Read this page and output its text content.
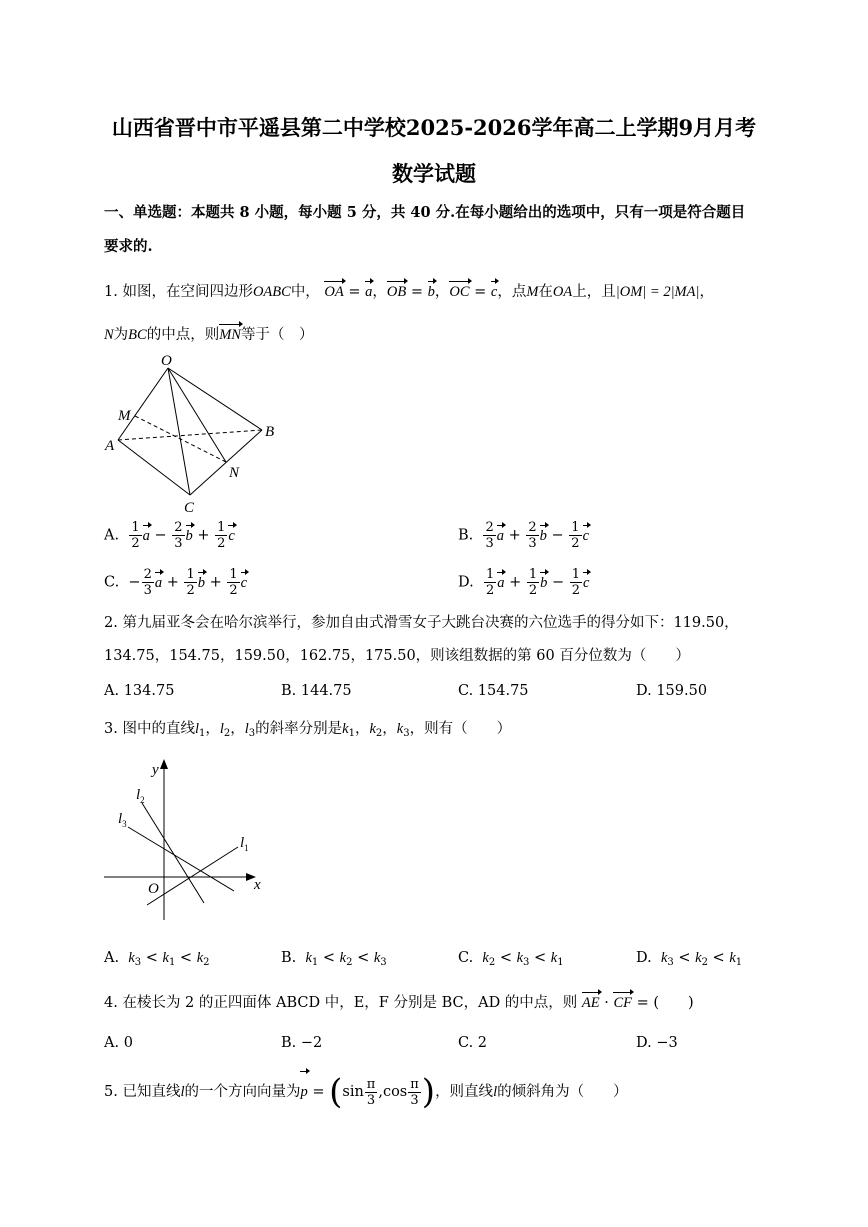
山西省晋中市平遥县第二中学校2025-2026学年高二上学期9月月考
数学试题
一、单选题：本题共 8 小题，每小题 5 分，共 40 分.在每小题给出的选项中，只有一项是符合题目
要求的.
1. 如图，在空间四边形OABC中， OA = a，OB = b，OC = c，点M在OA上，且|OM| = 2|MA|，
N为BC的中点，则MN等于（　）
O
A
B
C
M
N
A. $\frac{1}{2}$ $a - \frac{2}{3}$ $b + \frac{1}{2}$ c	B. $\frac{2}{3}$ $a + \frac{2}{3}$ $b - \frac{1}{2}$ c
C.  − $\frac{2}{3}$ $a + \frac{1}{2}$ $b + \frac{1}{2}$ c	D. $\frac{1}{2}$ $a + \frac{1}{2}$ $b - \frac{1}{2}$ c
2. 第九届亚冬会在哈尔滨举行，参加自由式滑雪女子大跳台决赛的六位选手的得分如下：119.50，
134.75，154.75，159.50，162.75，175.50，则该组数据的第 60 百分位数为（　　）
A. 134.75	B. 144.75	C. 154.75	D. 159.50
3. 图中的直线$l_1$，$l_2$，$l_3$的斜率分别是$k_1$，$k_2$，$k_3$，则有（　　）
y
x
O
$l_1$
$l_2$
$l_3$
A. $k_3 < k_1 < k_2$	B. $k_1 < k_2 < k_3$	C. $k_2 < k_3 < k_1$	D. $k_3 < k_2 < k_1$
4. 在棱长为 2 的正四面体 ABCD 中，E，F 分别是 BC，AD 的中点，则 AE · CF = (　　)
A. 0	B. −2	C. 2	D. −3
5. 已知直线l的一个方向向量为$p = (\sin \frac{\pi}{3} ,\cos \frac{\pi}{3}$ )，则直线l的倾斜角为（　　）
